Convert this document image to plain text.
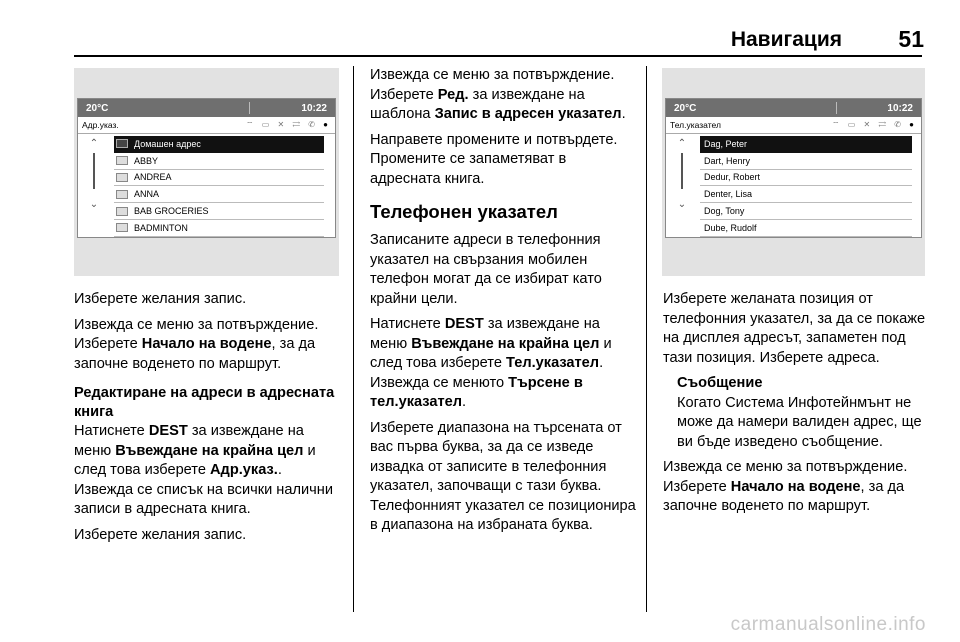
Навигация 51
20°C	10:22
Адр.указ.	⌔ ▭ ✕ ⇄ ✆ ●
⌃
⌄
Домашен адрес
ABBY
ANDREA
ANNA
BAB GROCERIES
BADMINTON
20°C	10:22
Тел.указател	⌔ ▭ ✕ ⇄ ✆ ●
⌃
⌄
Dag, Peter
Dart, Henry
Dedur, Robert
Denter, Lisa
Dog, Tony
Dube, Rudolf

Изберете желания запис.

Извежда се меню за потвърждение. Изберете Начало на водене, за да започне воденето по маршрут.

Редактиране на адреси в адресната книга

Натиснете DEST за извеждане на меню Въвеждане на крайна цел и след това изберете Адр.указ.. Извежда се списък на всички налични записи в адресната книга.

Изберете желания запис.

Извежда се меню за потвърждение. Изберете Ред. за извеждане на шаблона Запис в адресен указател.

Направете промените и потвърдете. Промените се запаметяват в адресната книга.

Телефонен указател

Записаните адреси в телефонния указател на свързания мобилен телефон могат да се избират като крайни цели.

Натиснете DEST за извеждане на меню Въвеждане на крайна цел и след това изберете Тел.указател. Извежда се менюто Търсене в тел.указател.

Изберете диапазона на търсената от вас първа буква, за да се изведе извадка от записите в телефонния указател, започващи с тази буква. Телефонният указател се позиционира в диапазона на избраната буква.

Изберете желаната позиция от телефонния указател, за да се покаже на дисплея адресът, запаметен под тази позиция. Изберете адреса.

Съобщение
Когато Система Инфотейнмънт не може да намери валиден адрес, ще ви бъде изведено съобщение.

Извежда се меню за потвърждение. Изберете Начало на водене, за да започне воденето по маршрут.

carmanualsonline.info
